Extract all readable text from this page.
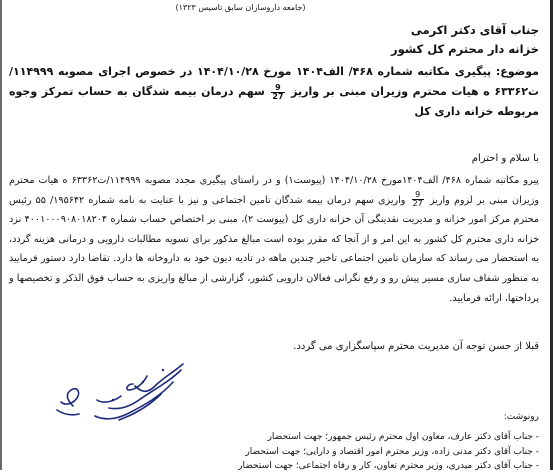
(جامعه داروسازان سابق تاسیس ۱۳۲۳)

جناب آقای دکتر اکرمی

خزانه دار محترم کل کشور

موضوع: پیگیری مکاتبه شماره ۴۶۸/ الف۱۴۰۴ مورخ ۱۴۰۴/۱۰/۲۸ در خصوص اجرای مصوبه ۱۱۴۹۹۹/ت۶۳۳۶۲ ه هیات محترم وزیران مبنی بر واریز
$\frac{9}{27}$
سهم درمان بیمه شدگان به حساب تمرکز وجوه مربوطه خزانه داری کل

با سلام و احترام

پیرو مکاتبه شماره ۴۶۸/ الف۱۴۰۴مورخ ۱۴۰۴/۱۰/۲۸ (پیوست۱) و در راستای پیگیری مجدد مصوبه ۱۱۴۹۹۹/ت۶۳۳۶۲ ه هیات محترم وزیران مبنی بر لزوم واریز
$\frac{9}{27}$
واریزی سهم درمان بیمه شدگان تامین اجتماعی و نیز با عنایت به نامه شماره ۱۹۵۶۴۲/ ۵۵ رئیس محترم مرکز امور خزانه و مدیریت نقدینگی آن خزانه داری کل (پیوست ۲)، مبنی بر اختصاص حساب شماره ۴۰۰۱۰۰۰۹۰۸۰۱۸۲۰۴ نزد خزانه داری محترم کل کشور به این امر و از آنجا که مقرر بوده است مبالغ مذکور برای تسویه مطالبات دارویی و درمانی هزینه گردد، به استحضار می رساند که سازمان تامین اجتماعی تاخیر چندین ماهه در تادیه دیون خود به داروخانه ها دارد. تقاضا دارد دستور فرمایید به منظور شفاف سازی مسیر پیش رو و رفع نگرانی فعالان دارویی کشور، گزارشی از مبالغ واریزی به حساب فوق الذکر و تخصیصها و پرداختها، ارائه فرمایید.

قبلا از حسن توجه آن مدیریت محترم سپاسگزاری می گردد.

رونوشت:
- جناب آقای دکتر عارف، معاون اول محترم رئیس جمهور؛ جهت استحضار
- جناب آقای دکتر مدنی زاده، وزیر محترم امور اقتصاد و دارایی؛ جهت استحضار
- جناب آقای دکتر میدری، وزیر محترم تعاون، کار و رفاه اجتماعی؛ جهت استحضار
